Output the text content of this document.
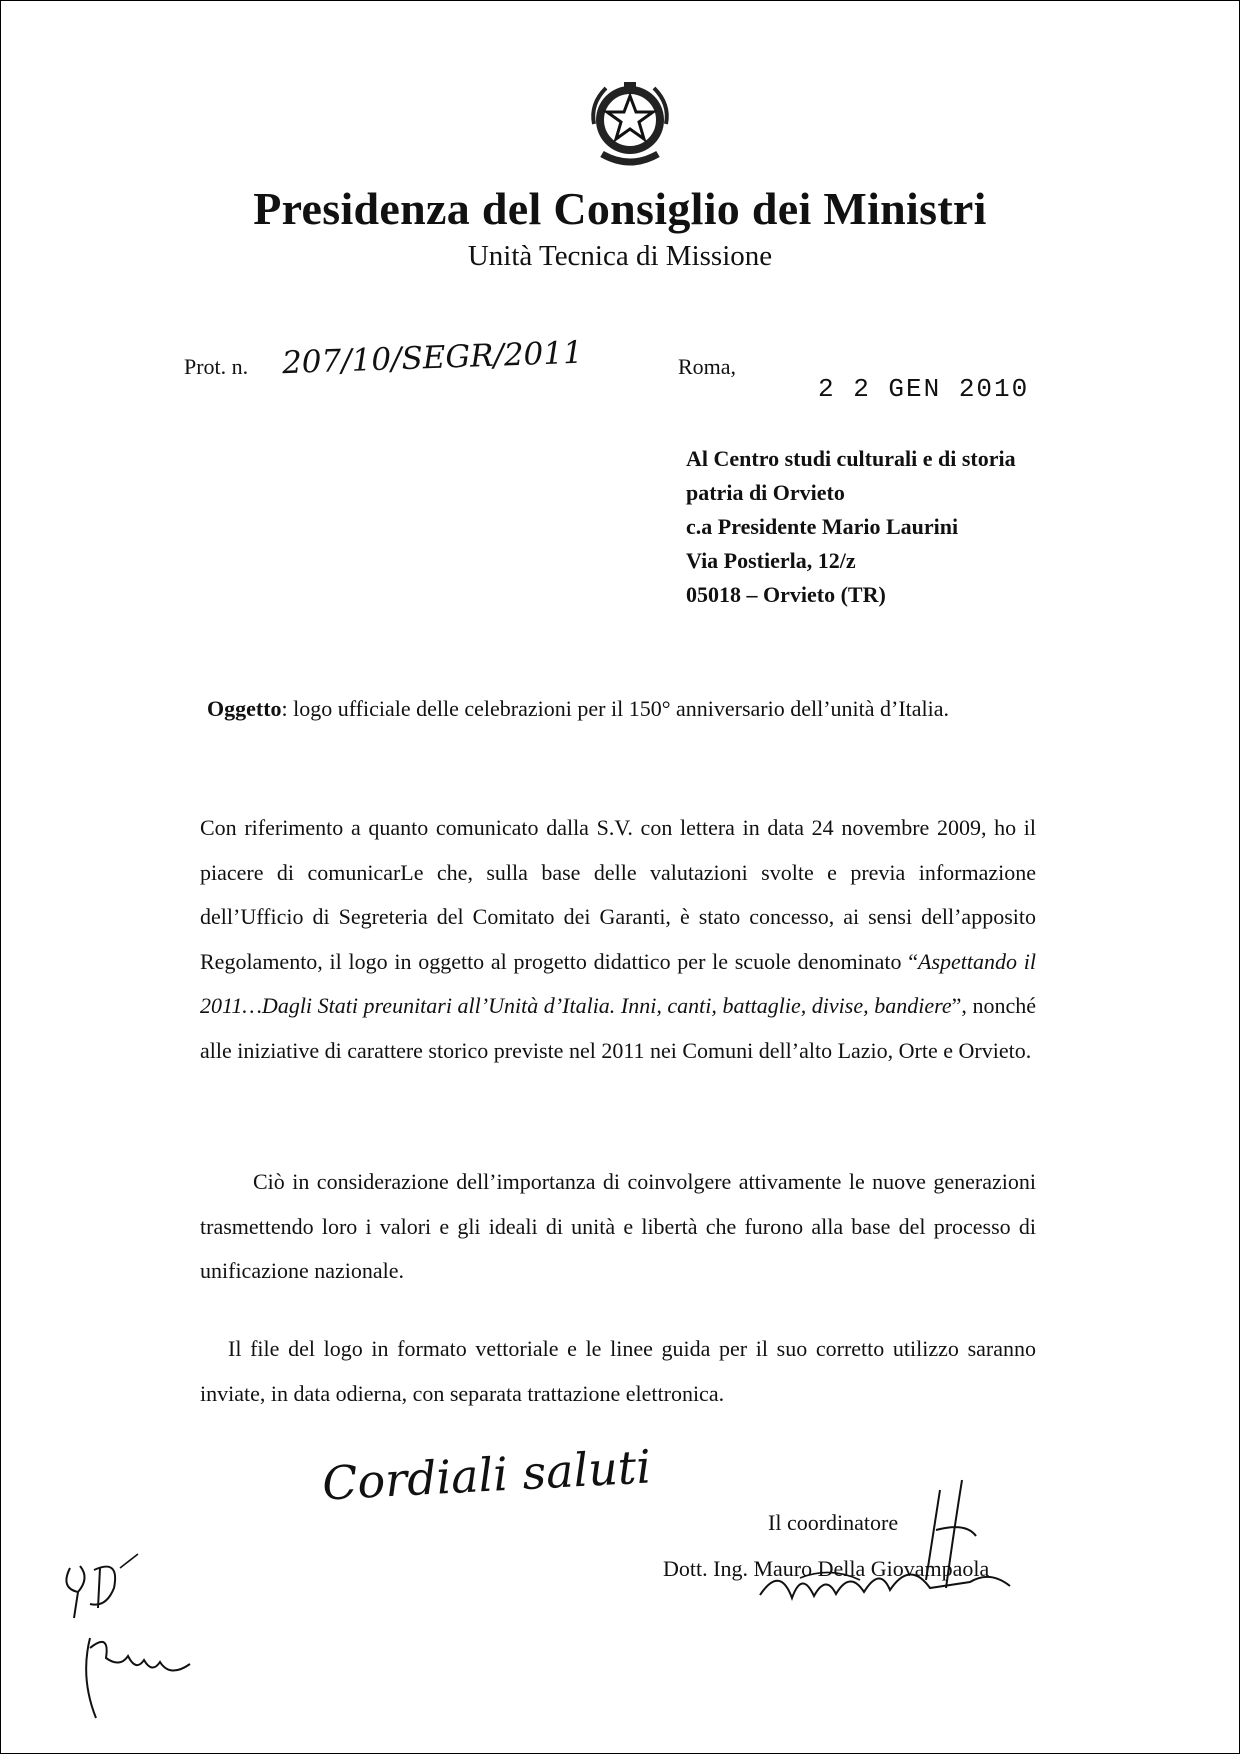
Presidenza del Consiglio dei Ministri
Unità Tecnica di Missione
Prot. n. 207/10/SEGR/2011	Roma,
2 2 GEN 2010
Al Centro studi culturali e di storia
patria di Orvieto
c.a Presidente Mario Laurini
Via Postierla, 12/z
05018 – Orvieto (TR)
Oggetto: logo ufficiale delle celebrazioni per il 150° anniversario dell’unità d’Italia.
Con riferimento a quanto comunicato dalla S.V. con lettera in data 24 novembre 2009, ho il piacere di comunicarLe che, sulla base delle valutazioni svolte e previa informazione dell’Ufficio di Segreteria del Comitato dei Garanti, è stato concesso, ai sensi dell’apposito Regolamento, il logo in oggetto al progetto didattico per le scuole denominato “Aspettando il 2011…Dagli Stati preunitari all’Unità d’Italia. Inni, canti, battaglie, divise, bandiere”, nonché alle iniziative di carattere storico previste nel 2011 nei Comuni dell’alto Lazio, Orte e Orvieto.
Ciò in considerazione dell’importanza di coinvolgere attivamente le nuove generazioni trasmettendo loro i valori e gli ideali di unità e libertà che furono alla base del processo di unificazione nazionale.
Il file del logo in formato vettoriale e le linee guida per il suo corretto utilizzo saranno inviate, in data odierna, con separata trattazione elettronica.
Cordiali saluti
Il coordinatore
Dott. Ing. Mauro Della Giovampaola
